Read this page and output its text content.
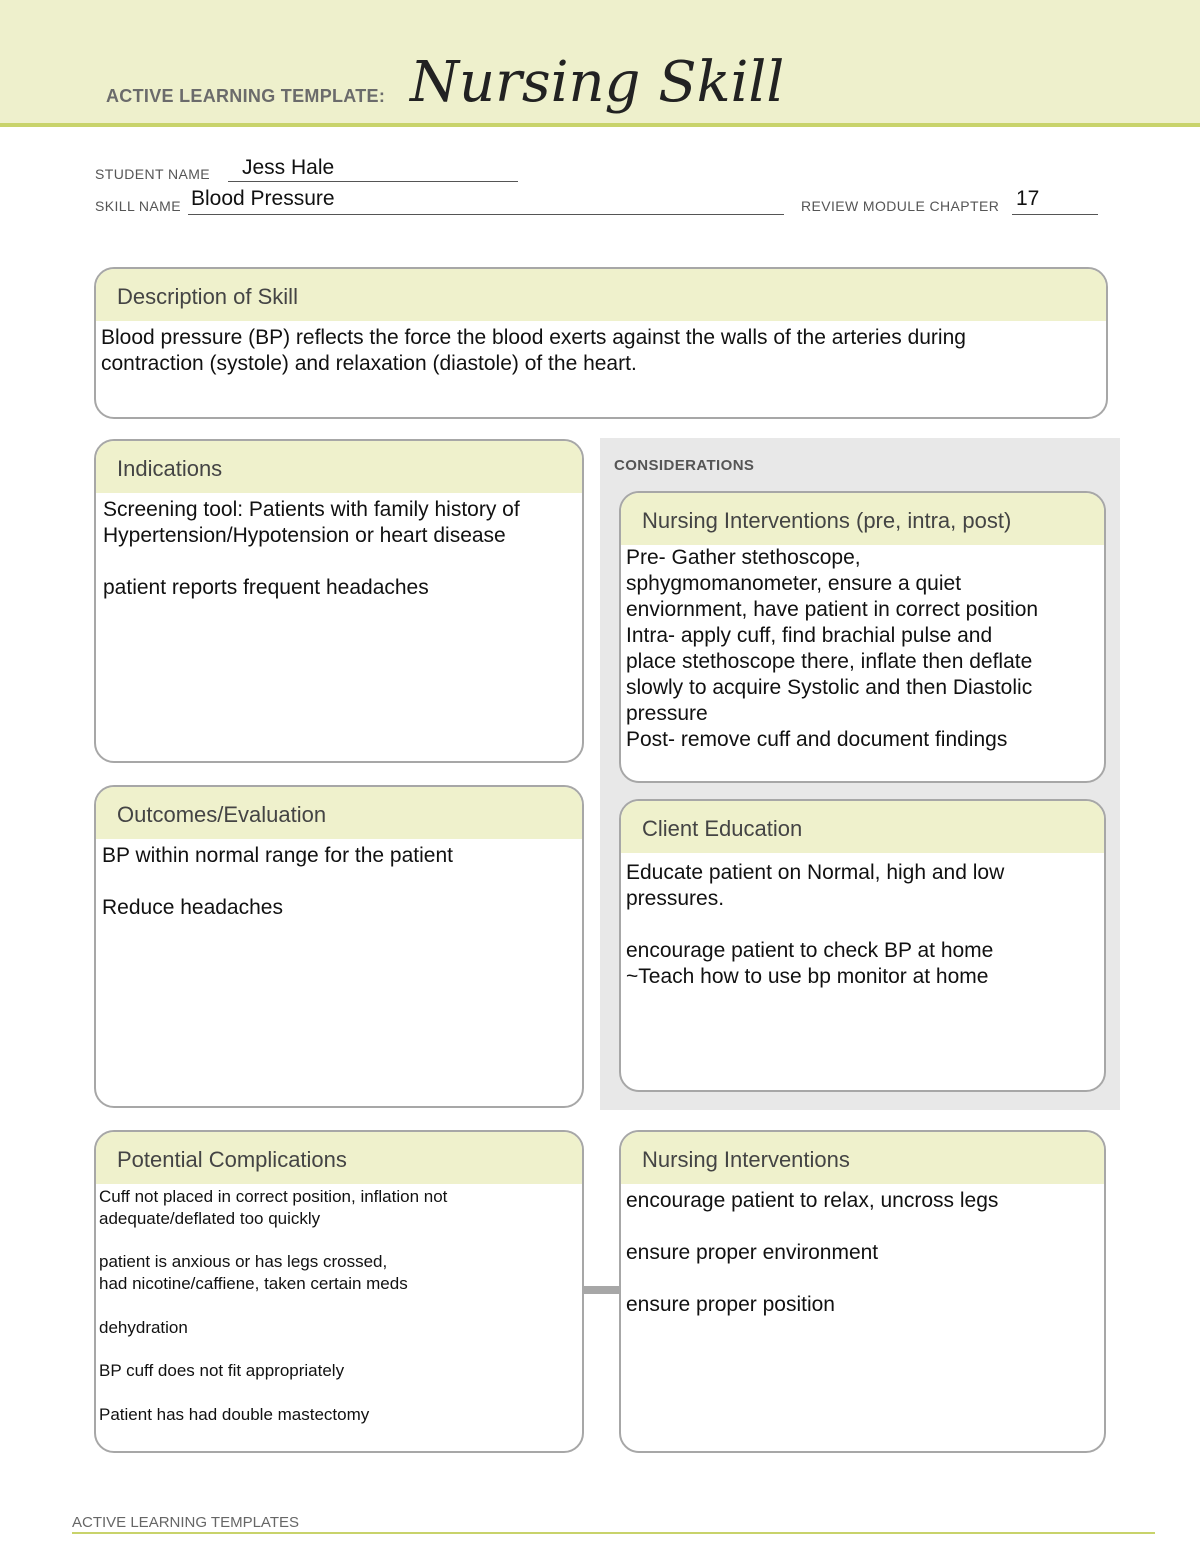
ACTIVE LEARNING TEMPLATE: Nursing Skill
STUDENT NAME Jess Hale
SKILL NAME Blood Pressure	REVIEW MODULE CHAPTER 17
Description of Skill

Blood pressure (BP) reflects the force the blood exerts against the walls of the arteries during
contraction (systole) and relaxation (diastole) of the heart.

CONSIDERATIONS
Indications

Screening tool: Patients with family history of
Hypertension/Hypotension or heart disease

patient reports frequent headaches

Nursing Interventions (pre, intra, post)

Pre- Gather stethoscope,
sphygmomanometer, ensure a quiet
enviornment, have patient in correct position
Intra- apply cuff, find brachial pulse and
place stethoscope there, inflate then deflate
slowly to acquire Systolic and then Diastolic
pressure
Post- remove cuff and document findings

Outcomes/Evaluation

BP within normal range for the patient

Reduce headaches

Client Education

Educate patient on Normal, high and low
pressures.

encourage patient to check BP at home
~Teach how to use bp monitor at home

Potential Complications

Cuff not placed in correct position, inflation not
adequate/deflated too quickly

patient is anxious or has legs crossed,
had nicotine/caffiene, taken certain meds

dehydration

BP cuff does not fit appropriately

Patient has had double mastectomy

Nursing Interventions

encourage patient to relax, uncross legs

ensure proper environment

ensure proper position

ACTIVE LEARNING TEMPLATES
